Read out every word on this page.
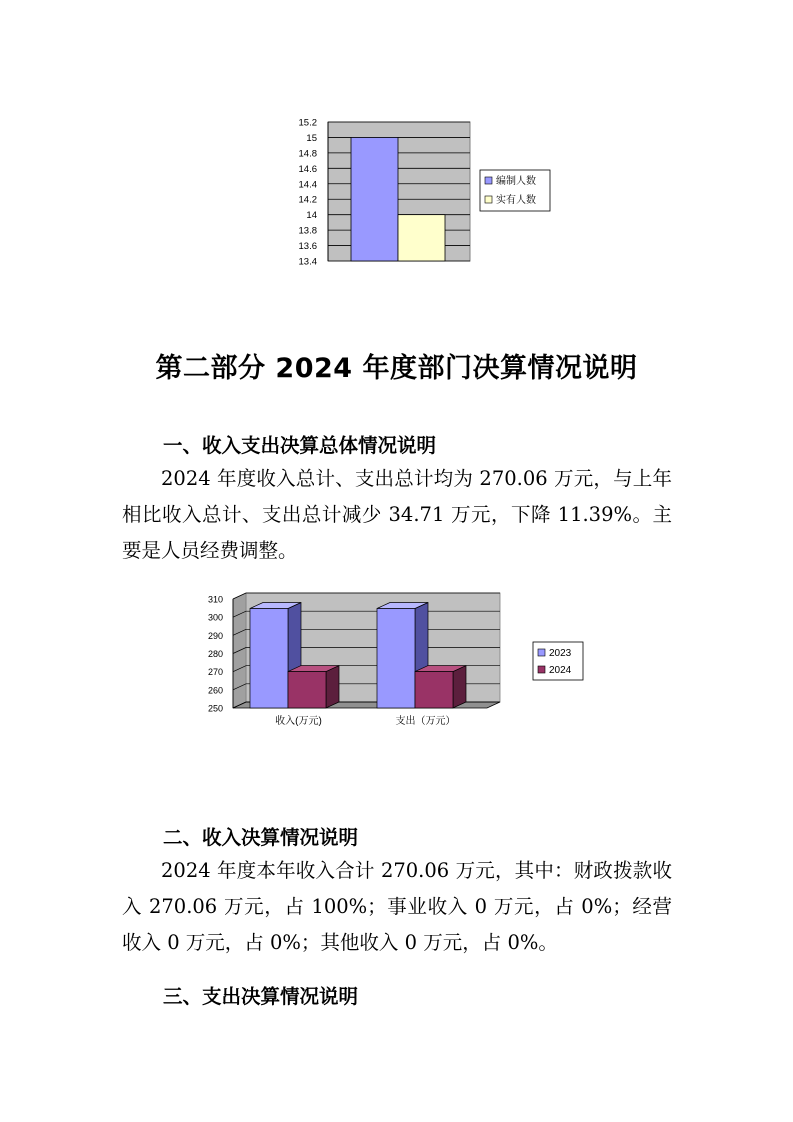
15.2
15
14.8
14.6
14.4
14.2
14
13.8
13.6
13.4
编制人数
实有人数
第二部分 2024 年度部门决算情况说明
一、收入支出决算总体情况说明

2024 年度收入总计、支出总计均为 270.06 万元，与上年相比收入总计、支出总计减少 34.71 万元，下降 11.39%。主要是人员经费调整。

310
300
290
280
270
260
250
收入(万元)	支出（万元）
2023
2024
二、收入决算情况说明

2024 年度本年收入合计 270.06 万元，其中：财政拨款收入 270.06 万元，占 100%；事业收入 0 万元，占 0%；经营收入 0 万元，占 0%；其他收入 0 万元，占 0%。

三、支出决算情况说明
